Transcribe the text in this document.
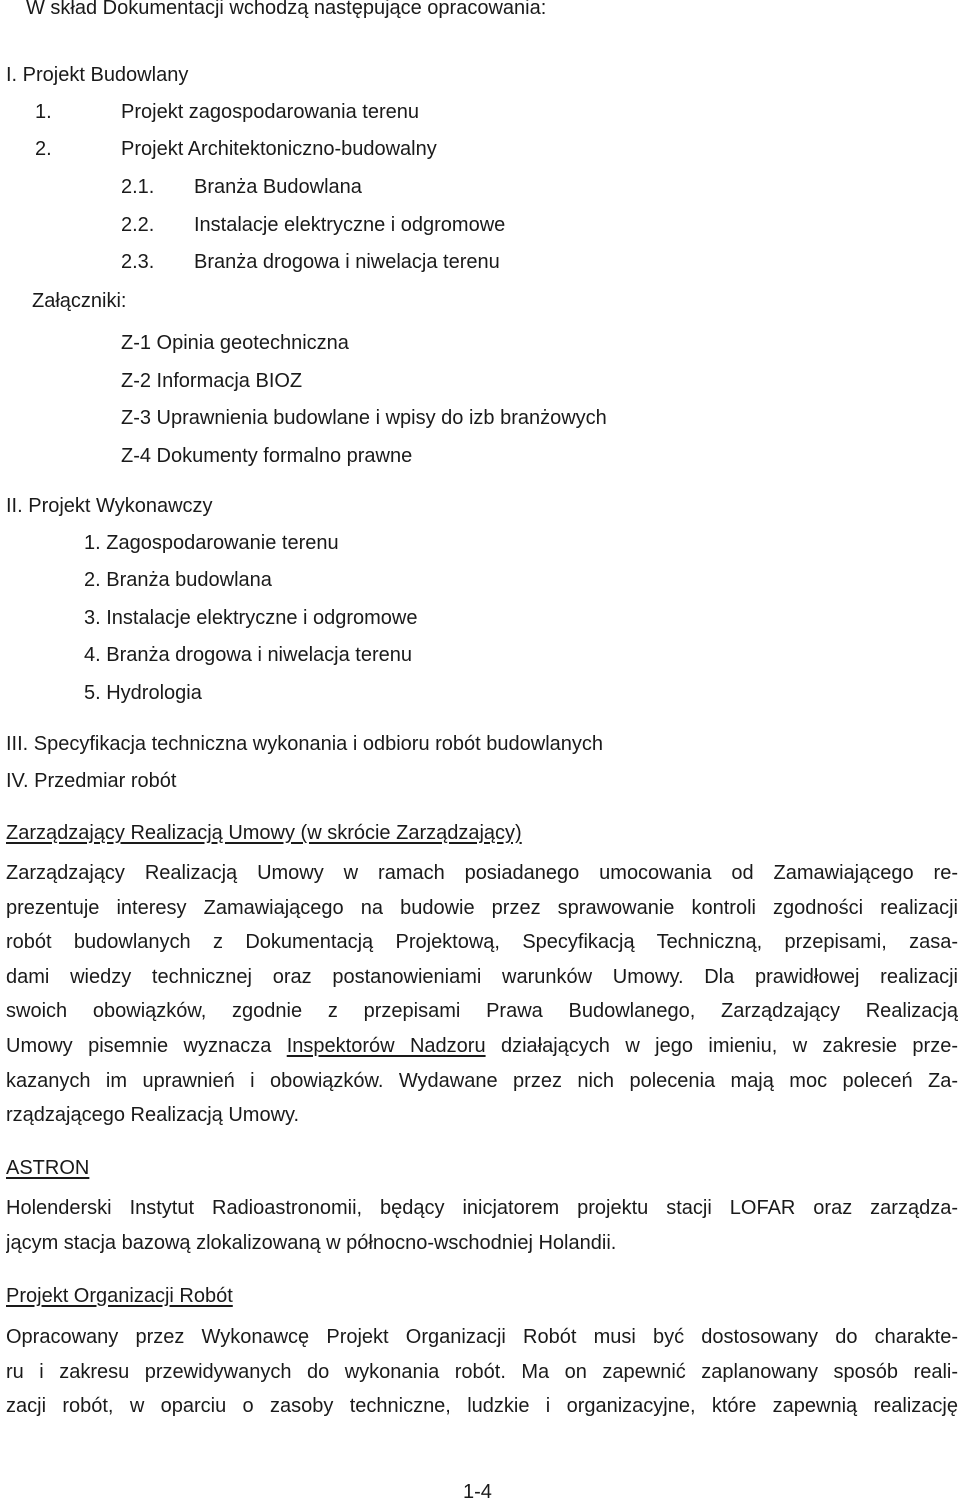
W skład Dokumentacji wchodzą następujące opracowania:
I. Projekt Budowlany
1.	Projekt zagospodarowania terenu
2.	Projekt Architektoniczno-budowalny
2.1. Branża Budowlana
2.2. Instalacje elektryczne i odgromowe
2.3. Branża drogowa i niwelacja terenu
Załączniki:
Z-1 Opinia geotechniczna
Z-2 Informacja BIOZ
Z-3 Uprawnienia budowlane i wpisy do izb branżowych
Z-4 Dokumenty formalno prawne
II. Projekt Wykonawczy
1. Zagospodarowanie terenu
2. Branża budowlana
3. Instalacje elektryczne i odgromowe
4. Branża drogowa i niwelacja terenu
5. Hydrologia
III. Specyfikacja techniczna wykonania i odbioru robót budowlanych
IV. Przedmiar robót
Zarządzający Realizacją Umowy (w skrócie Zarządzający)
Zarządzający Realizacją Umowy w ramach posiadanego umocowania od Zamawiającego re-
prezentuje interesy Zamawiającego na budowie przez sprawowanie kontroli zgodności realizacji
robót budowlanych z Dokumentacją Projektową, Specyfikacją Techniczną, przepisami, zasa-
dami wiedzy technicznej oraz postanowieniami warunków Umowy. Dla prawidłowej realizacji
swoich obowiązków, zgodnie z przepisami Prawa Budowlanego, Zarządzający Realizacją
Umowy pisemnie wyznacza Inspektorów Nadzoru działających w jego imieniu, w zakresie prze-
kazanych im uprawnień i obowiązków. Wydawane przez nich polecenia mają moc poleceń Za-
rządzającego Realizacją Umowy.
ASTRON
Holenderski Instytut Radioastronomii, będący inicjatorem projektu stacji LOFAR oraz zarządza-
jącym stacja bazową zlokalizowaną w północno-wschodniej Holandii.
Projekt Organizacji Robót
Opracowany przez Wykonawcę Projekt Organizacji Robót musi być dostosowany do charakte-
ru i zakresu przewidywanych do wykonania robót. Ma on zapewnić zaplanowany sposób reali-
zacji robót, w oparciu o zasoby techniczne, ludzkie i organizacyjne, które zapewnią realizację
1-4
